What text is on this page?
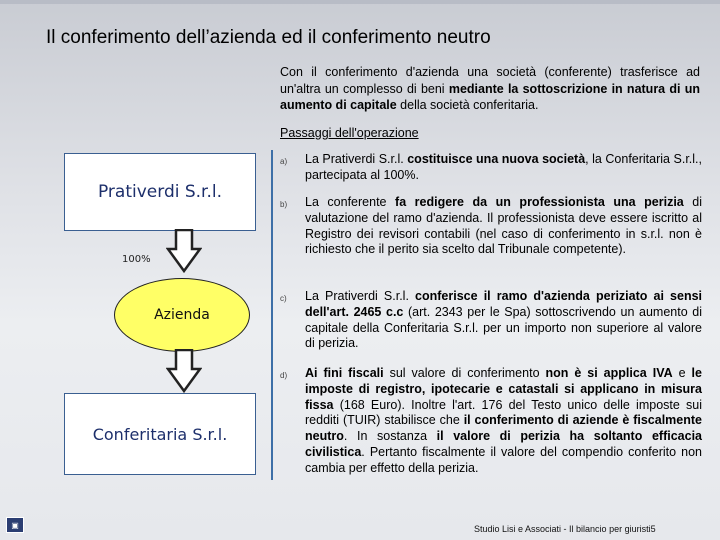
Il conferimento dell’azienda ed il conferimento neutro
Con il conferimento d'azienda una società (conferente) trasferisce ad un'altra un complesso di beni mediante la sottoscrizione in natura di un aumento di capitale della società conferitaria.
Passaggi dell'operazione
a) La Prativerdi S.r.l. costituisce una nuova società, la Conferitaria S.r.l., partecipata al 100%.
b) La conferente fa redigere da un professionista una perizia di valutazione del ramo d'azienda. Il professionista deve essere iscritto al Registro dei revisori contabili (nel caso di conferimento in s.r.l. non è richiesto che il perito sia scelto dal Tribunale competente).
c) La Prativerdi S.r.l. conferisce il ramo d'azienda periziato ai sensi dell'art. 2465 c.c (art. 2343 per le Spa) sottoscrivendo un aumento di capitale della Conferitaria S.r.l. per un importo non superiore al valore di perizia.
d) Ai fini fiscali sul valore di conferimento non è si applica IVA e le imposte di registro, ipotecarie e catastali si applicano in misura fissa (168 Euro). Inoltre l'art. 176 del Testo unico delle imposte sui redditi (TUIR) stabilisce che il conferimento di aziende è fiscalmente neutro. In sostanza il valore di perizia ha soltanto efficacia civilistica. Pertanto fiscalmente il valore del compendio conferito non cambia per effetto della perizia.
Prativerdi S.r.l.
100%
Azienda
Conferitaria S.r.l.
▣	Studio Lisi e Associati - Il bilancio per giuristi5
